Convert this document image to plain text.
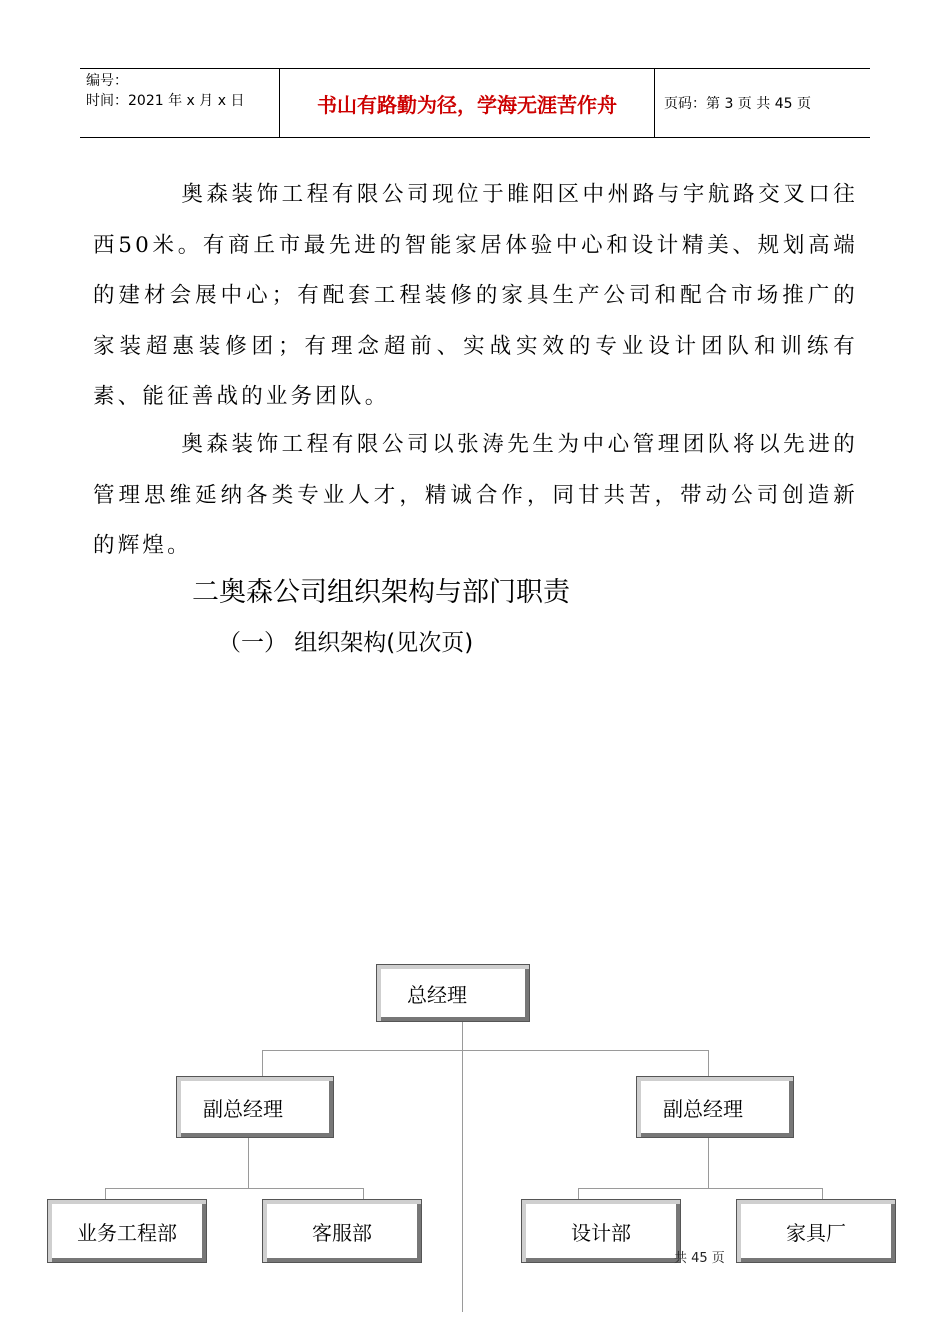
编号：
时间：2021 年 x 月 x 日	书山有路勤为径，学海无涯苦作舟	页码：第 3 页 共 45 页
奥森装饰工程有限公司现位于睢阳区中州路与宇航路交叉口往西50米。有商丘市最先进的智能家居体验中心和设计精美、规划高端的建材会展中心；有配套工程装修的家具生产公司和配合市场推广的家装超惠装修团；有理念超前、实战实效的专业设计团队和训练有素、能征善战的业务团队。
奥森装饰工程有限公司以张涛先生为中心管理团队将以先进的管理思维延纳各类专业人才，精诚合作，同甘共苦，带动公司创造新的辉煌。
二奥森公司组织架构与部门职责
（一） 组织架构(见次页)
总经理
副总经理	副总经理
业务工程部	客服部	设计部	家具厂
共 45 页
